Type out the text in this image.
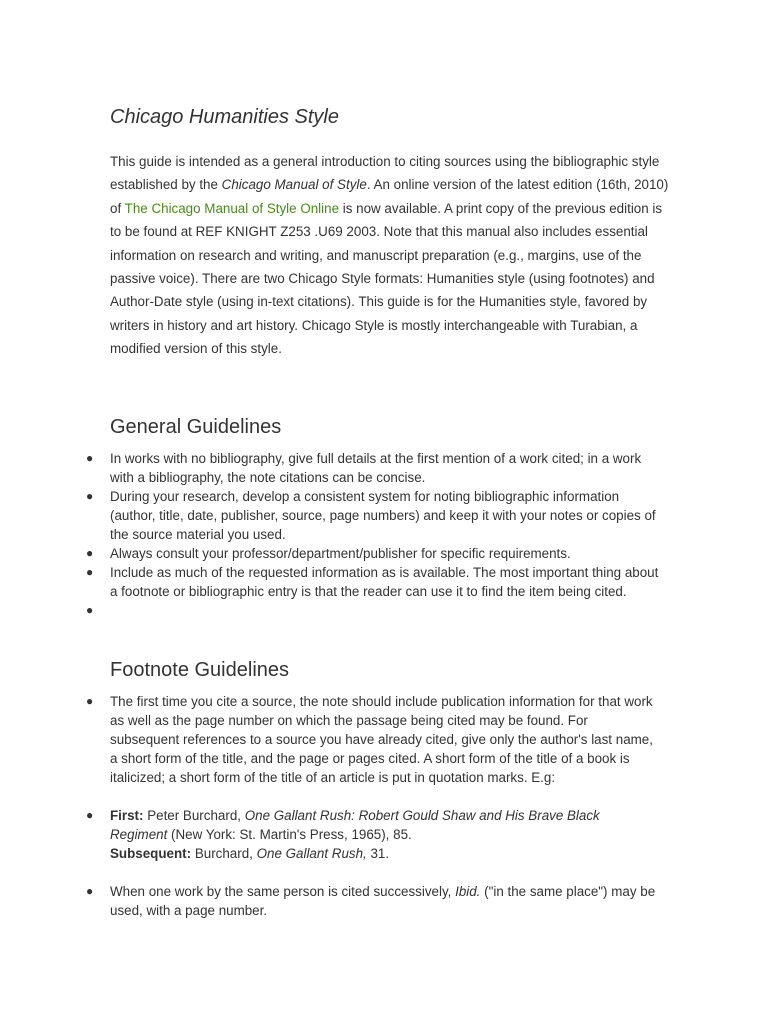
Chicago Humanities Style

This guide is intended as a general introduction to citing sources using the bibliographic style established by the Chicago Manual of Style. An online version of the latest edition (16th, 2010) of The Chicago Manual of Style Online is now available. A print copy of the previous edition is to be found at REF KNIGHT Z253 .U69 2003. Note that this manual also includes essential information on research and writing, and manuscript preparation (e.g., margins, use of the passive voice). There are two Chicago Style formats: Humanities style (using footnotes) and Author-Date style (using in-text citations). This guide is for the Humanities style, favored by writers in history and art history. Chicago Style is mostly interchangeable with Turabian, a modified version of this style.

General Guidelines
● In works with no bibliography, give full details at the first mention of a work cited; in a work with a bibliography, the note citations can be concise.
● During your research, develop a consistent system for noting bibliographic information (author, title, date, publisher, source, page numbers) and keep it with your notes or copies of the source material you used.
● Always consult your professor/department/publisher for specific requirements.
● Include as much of the requested information as is available. The most important thing about a footnote or bibliographic entry is that the reader can use it to find the item being cited.
●
Footnote Guidelines
● The first time you cite a source, the note should include publication information for that work as well as the page number on which the passage being cited may be found. For subsequent references to a source you have already cited, give only the author's last name, a short form of the title, and the page or pages cited. A short form of the title of a book is italicized; a short form of the title of an article is put in quotation marks. E.g:
● First: Peter Burchard, One Gallant Rush: Robert Gould Shaw and His Brave Black Regiment (New York: St. Martin's Press, 1965), 85.
Subsequent: Burchard, One Gallant Rush, 31.
● When one work by the same person is cited successively, Ibid. ("in the same place") may be used, with a page number.
